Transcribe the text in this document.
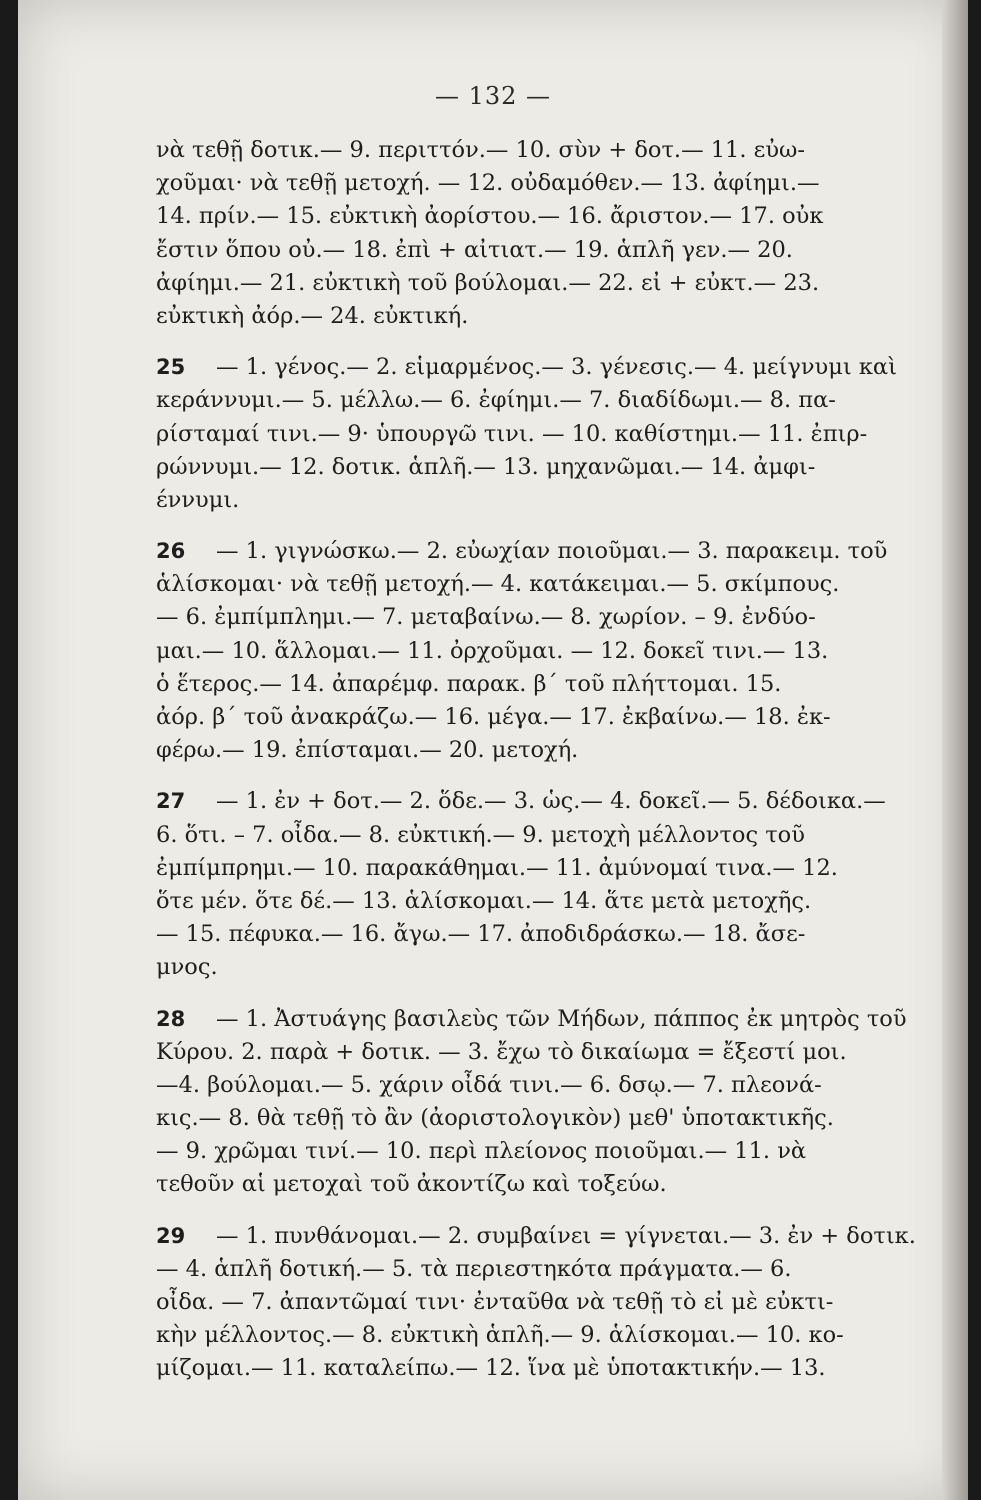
— 132 —
νὰ τεθῇ δοτικ.— 9. περιττόν.— 10. σὺν + δοτ.— 11. εὐω-
χοῦμαι· νὰ τεθῇ μετοχή. — 12. οὐδαμόθεν.— 13. ἀφίημι.—
14. πρίν.— 15. εὐκτικὴ ἀορίστου.— 16. ἄριστον.— 17. οὐκ
ἔστιν ὅπου οὐ.— 18. ἐπὶ + αἰτιατ.— 19. ἁπλῆ γεν.— 20.
ἀφίημι.— 21. εὐκτικὴ τοῦ βούλομαι.— 22. εἰ + εὐκτ.— 23.
εὐκτικὴ ἀόρ.— 24. εὐκτική.
25	— 1. γένος.— 2. εἱμαρμένος.— 3. γένεσις.— 4. μείγνυμι καὶ
κεράννυμι.— 5. μέλλω.— 6. ἐφίημι.— 7. διαδίδωμι.— 8. πα-
ρίσταμαί τινι.— 9· ὑπουργῶ τινι. — 10. καθίστημι.— 11. ἐπιρ-
ρώννυμι.— 12. δοτικ. ἁπλῆ.— 13. μηχανῶμαι.— 14. ἀμφι-
έννυμι.
26	— 1. γιγνώσκω.— 2. εὐωχίαν ποιοῦμαι.— 3. παρακειμ. τοῦ
ἁλίσκομαι· νὰ τεθῇ μετοχή.— 4. κατάκειμαι.— 5. σκίμπους.
— 6. ἐμπίμπλημι.— 7. μεταβαίνω.— 8. χωρίον. – 9. ἐνδύο-
μαι.— 10. ἅλλομαι.— 11. ὀρχοῦμαι. — 12. δοκεῖ τινι.— 13.
ὁ ἕτερος.— 14. ἀπαρέμφ. παρακ. β΄ τοῦ πλήττομαι. 15.
ἀόρ. β΄ τοῦ ἀνακράζω.— 16. μέγα.— 17. ἐκβαίνω.— 18. ἐκ-
φέρω.— 19. ἐπίσταμαι.— 20. μετοχή.
27	— 1. ἐν + δοτ.— 2. ὅδε.— 3. ὡς.— 4. δοκεῖ.— 5. δέδοικα.—
6. ὅτι. – 7. οἶδα.— 8. εὐκτική.— 9. μετοχὴ μέλλοντος τοῦ
ἐμπίμπρημι.— 10. παρακάθημαι.— 11. ἀμύνομαί τινα.— 12.
ὅτε μέν. ὅτε δέ.— 13. ἁλίσκομαι.— 14. ἅτε μετὰ μετοχῆς.
— 15. πέφυκα.— 16. ἄγω.— 17. ἀποδιδράσκω.— 18. ἄσε-
μνος.
28	— 1. Ἀστυάγης βασιλεὺς τῶν Μήδων, πάππος ἐκ μητρὸς τοῦ
Κύρου. 2. παρὰ + δοτικ. — 3. ἔχω τὸ δικαίωμα = ἔξεστί μοι.
—4. βούλομαι.— 5. χάριν οἶδά τινι.— 6. δσῳ.— 7. πλεονά-
κις.— 8. θὰ τεθῇ τὸ ἂν (ἀοριστολογικὸν) μεθ' ὑποτακτικῆς.
— 9. χρῶμαι τινί.— 10. περὶ πλείονος ποιοῦμαι.— 11. νὰ
τεθοῦν αἱ μετοχαὶ τοῦ ἀκοντίζω καὶ τοξεύω.
29	— 1. πυνθάνομαι.— 2. συμβαίνει = γίγνεται.— 3. ἐν + δοτικ.
— 4. ἁπλῆ δοτική.— 5. τὰ περιεστηκότα πράγματα.— 6.
οἶδα. — 7. ἀπαντῶμαί τινι· ἐνταῦθα νὰ τεθῇ τὸ εἰ μὲ εὐκτι-
κὴν μέλλοντος.— 8. εὐκτικὴ ἁπλῆ.— 9. ἁλίσκομαι.— 10. κο-
μίζομαι.— 11. καταλείπω.— 12. ἵνα μὲ ὑποτακτικήν.— 13.
